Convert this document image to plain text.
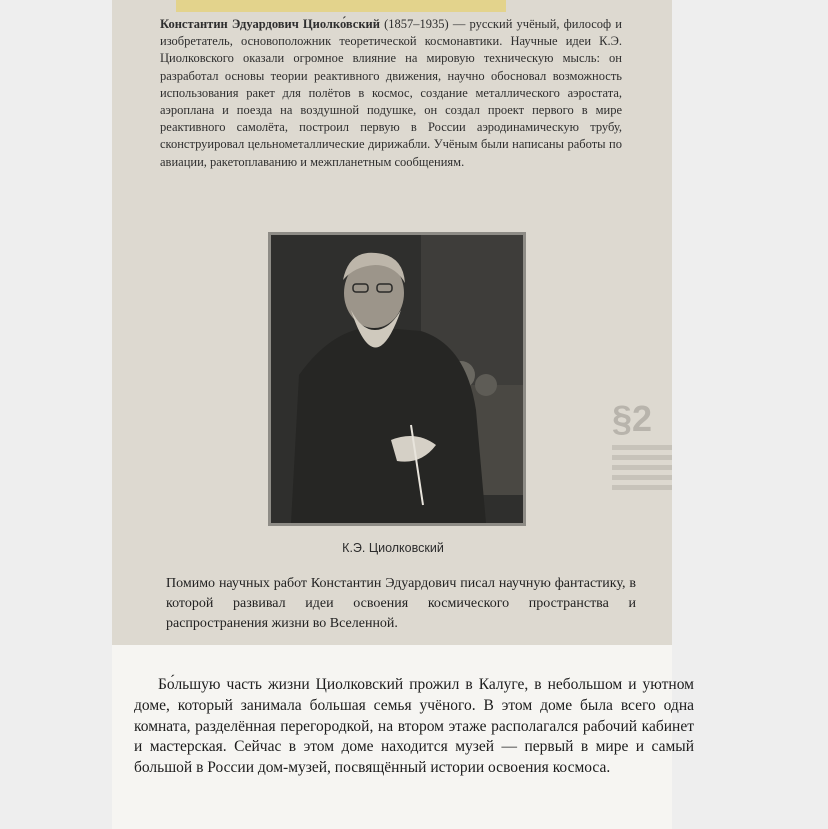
Константин Эдуардович Циолко́вский (1857–1935) — русский учёный, философ и изобретатель, основоположник теоретической космонавтики. Научные идеи К.Э. Циолковского оказали огромное влияние на мировую техническую мысль: он разработал основы теории реактивного движения, научно обосновал возможность использования ракет для полётов в космос, создание металлического аэростата, аэроплана и поезда на воздушной подушке, он создал проект первого в мире реактивного самолёта, построил первую в России аэродинамическую трубу, сконструировал цельнометаллические дирижабли. Учёным были написаны работы по авиации, ракетоплаванию и межпланетным сообщениям.
К.Э. Циолковский
Помимо научных работ Константин Эдуардович писал научную фантастику, в которой развивал идеи освоения космического пространства и распространения жизни во Вселенной.
§2
Бо́льшую часть жизни Циолковский прожил в Калуге, в небольшом и уютном доме, который занимала большая семья учёного. В этом доме была всего одна комната, разделённая перегородкой, на втором этаже располагался рабочий кабинет и мастерская. Сейчас в этом доме находится музей — первый в мире и самый большой в России дом-музей, посвящённый истории освоения космоса.
